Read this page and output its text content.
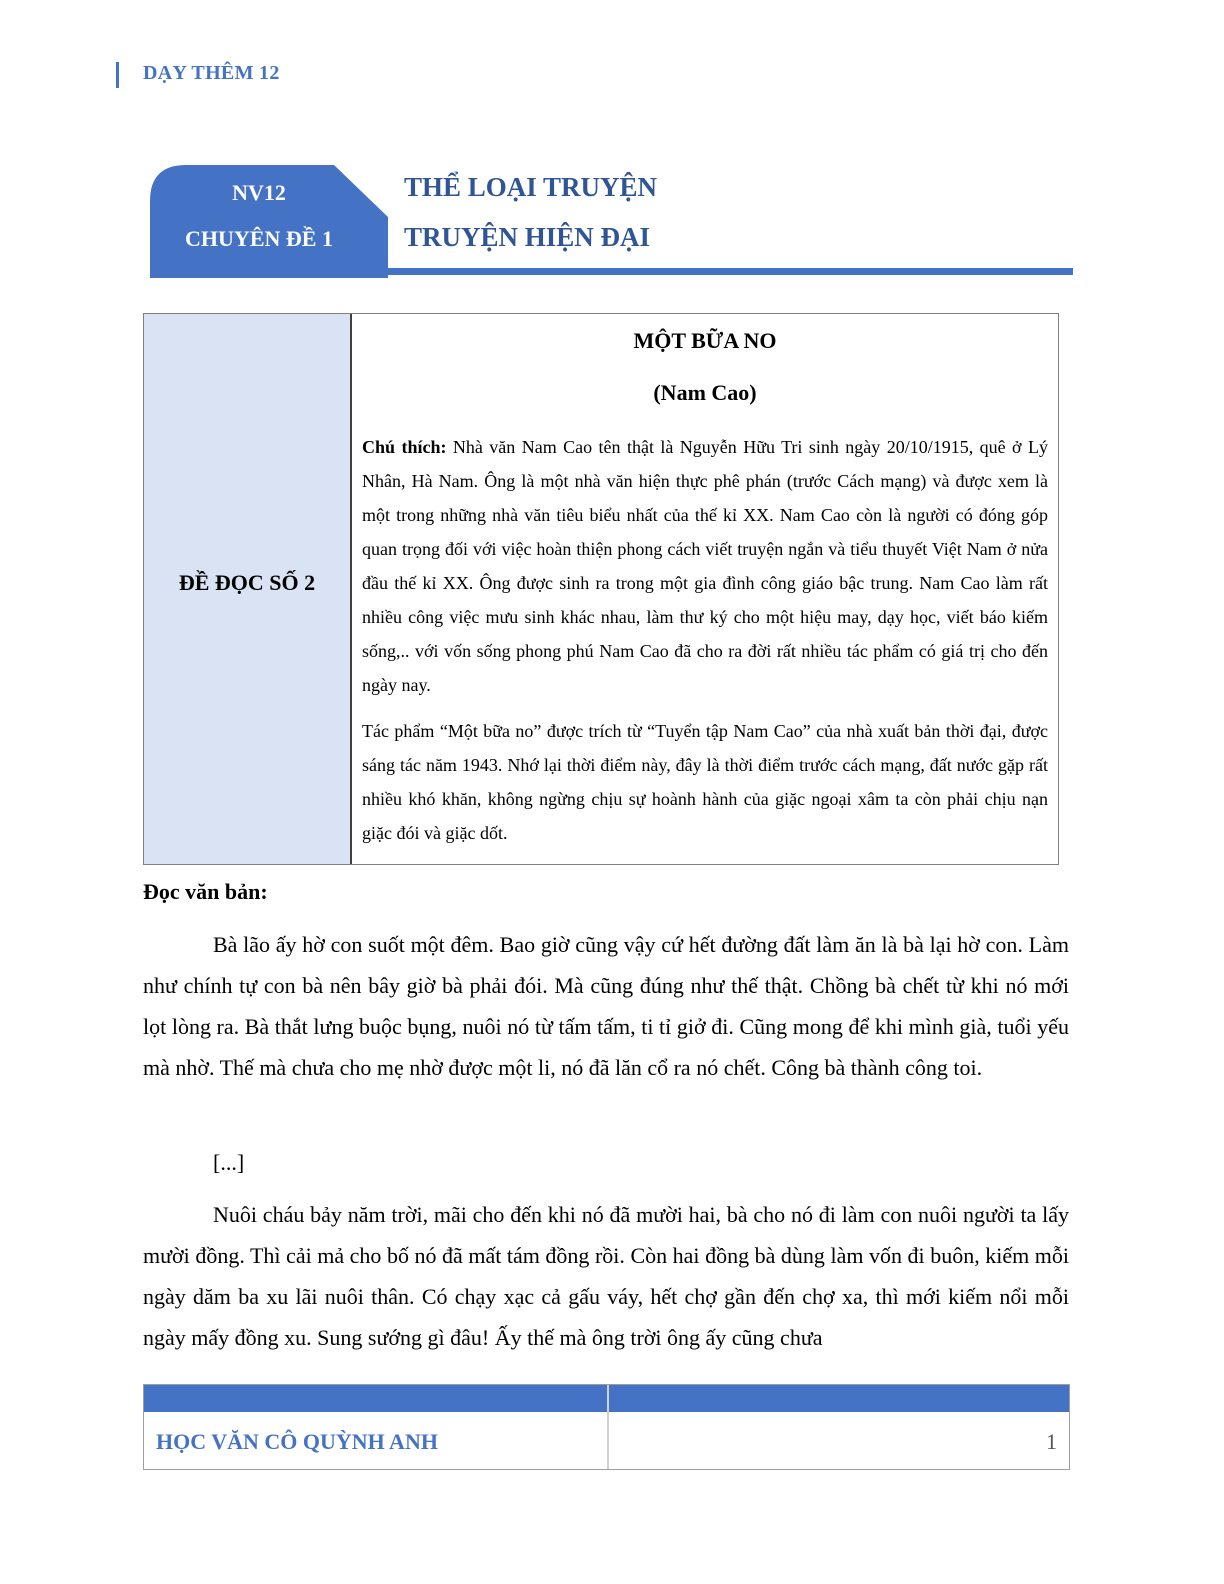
DẠY THÊM 12
NV12
CHUYÊN ĐỀ 1
THỂ LOẠI TRUYỆN
TRUYỆN HIỆN ĐẠI
ĐỀ ĐỌC SỐ 2
MỘT BỮA NO
(Nam Cao)
Chú thích: Nhà văn Nam Cao tên thật là Nguyễn Hữu Tri sinh ngày 20/10/1915, quê ở Lý Nhân, Hà Nam. Ông là một nhà văn hiện thực phê phán (trước Cách mạng) và được xem là một trong những nhà văn tiêu biểu nhất của thế kỉ XX. Nam Cao còn là người có đóng góp quan trọng đối với việc hoàn thiện phong cách viết truyện ngắn và tiểu thuyết Việt Nam ở nửa đầu thế kỉ XX. Ông được sinh ra trong một gia đình công giáo bậc trung. Nam Cao làm rất nhiều công việc mưu sinh khác nhau, làm thư ký cho một hiệu may, dạy học, viết báo kiếm sống,.. với vốn sống phong phú Nam Cao đã cho ra đời rất nhiều tác phẩm có giá trị cho đến ngày nay.
Tác phẩm “Một bữa no” được trích từ “Tuyển tập Nam Cao” của nhà xuất bản thời đại, được sáng tác năm 1943. Nhớ lại thời điểm này, đây là thời điểm trước cách mạng, đất nước gặp rất nhiều khó khăn, không ngừng chịu sự hoành hành của giặc ngoại xâm ta còn phải chịu nạn giặc đói và giặc dốt.
Đọc văn bản:
Bà lão ấy hờ con suốt một đêm. Bao giờ cũng vậy cứ hết đường đất làm ăn là bà lại hờ con. Làm như chính tự con bà nên bây giờ bà phải đói. Mà cũng đúng như thế thật. Chồng bà chết từ khi nó mới lọt lòng ra. Bà thắt lưng buộc bụng, nuôi nó từ tấm tấm, ti tỉ giở đi. Cũng mong để khi mình già, tuổi yếu mà nhờ. Thế mà chưa cho mẹ nhờ được một li, nó đã lăn cổ ra nó chết. Công bà thành công toi.
[...]
Nuôi cháu bảy năm trời, mãi cho đến khi nó đã mười hai, bà cho nó đi làm con nuôi người ta lấy mười đồng. Thì cải mả cho bố nó đã mất tám đồng rồi. Còn hai đồng bà dùng làm vốn đi buôn, kiếm mỗi ngày dăm ba xu lãi nuôi thân. Có chạy xạc cả gấu váy, hết chợ gần đến chợ xa, thì mới kiếm nổi mỗi ngày mấy đồng xu. Sung sướng gì đâu! Ấy thế mà ông trời ông ấy cũng chưa
HỌC VĂN CÔ QUỲNH ANH	1
